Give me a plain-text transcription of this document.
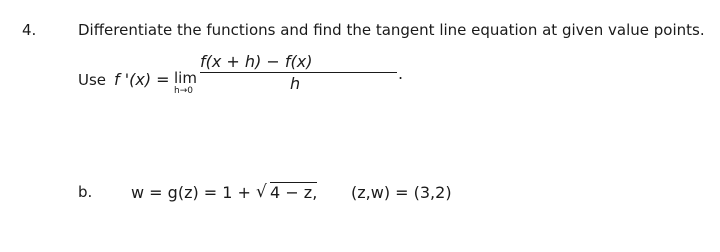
4.	Differentiate the functions and find the tangent line equation at given value points.
Use f '(x) = lim
h→0
f(x + h) − f(x)
h
.
b. w = g(z) = 1 + √ 4 − z, (z,w) = (3,2)
